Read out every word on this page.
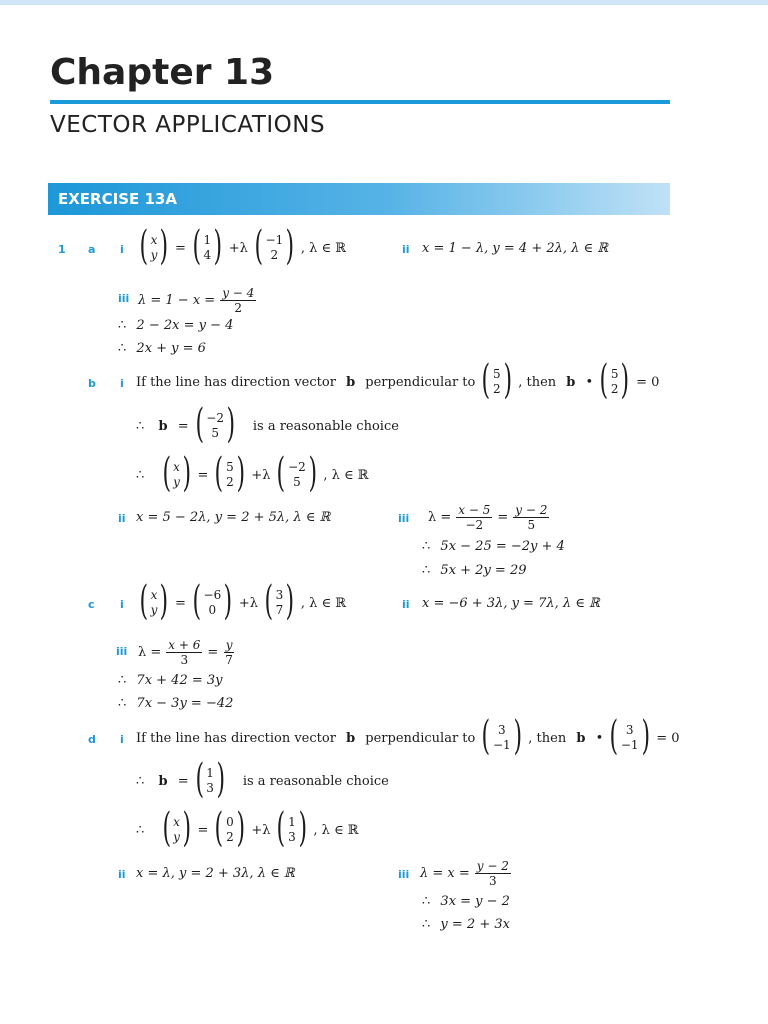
Chapter 13
VECTOR APPLICATIONS
EXERCISE 13A
1 a i ( x
y ) = ( 1
4 ) +λ ( −1
2 ) , λ ∈ ℝ	ii x = 1 − λ, y = 4 + 2λ, λ ∈ ℝ
iii $\lambda = 1 - x = \frac{y - 4}{2}$
∴
2 − 2x = y − 4
∴
2x + y = 6
b i If the line has direction vector
b
perpendicular to ( 5
2 ) , then
b
• ( 5
2 ) = 0
∴
b
= ( −2
5 )
is a reasonable choice
∴
( x
y ) = ( 5
2 ) +λ ( −2
5 ) , λ ∈ ℝ
ii x = 5 − 2λ, y = 2 + 5λ, λ ∈ ℝ	iii $\lambda = \frac{x - 5}{-2} = \frac{y - 2}{5}$
∴
5x − 25 = −2y + 4
∴
5x + 2y = 29
c i ( x
y ) = ( −6
0 ) +λ ( 3
7 ) , λ ∈ ℝ	ii x = −6 + 3λ, y = 7λ, λ ∈ ℝ
iii $\lambda = \frac{x + 6}{3} = \frac{y}{7}$
∴
7x + 42 = 3y
∴
7x − 3y = −42
d i If the line has direction vector
b
perpendicular to ( 3
−1 ) , then
b
• ( 3
−1 ) = 0
∴
b
= ( 1
3 )
is a reasonable choice
∴
( x
y ) = ( 0
2 ) +λ ( 1
3 ) , λ ∈ ℝ
ii x = λ, y = 2 + 3λ, λ ∈ ℝ	iii $\lambda = x = \frac{y - 2}{3}$
∴
3x = y − 2
∴
y = 2 + 3x
